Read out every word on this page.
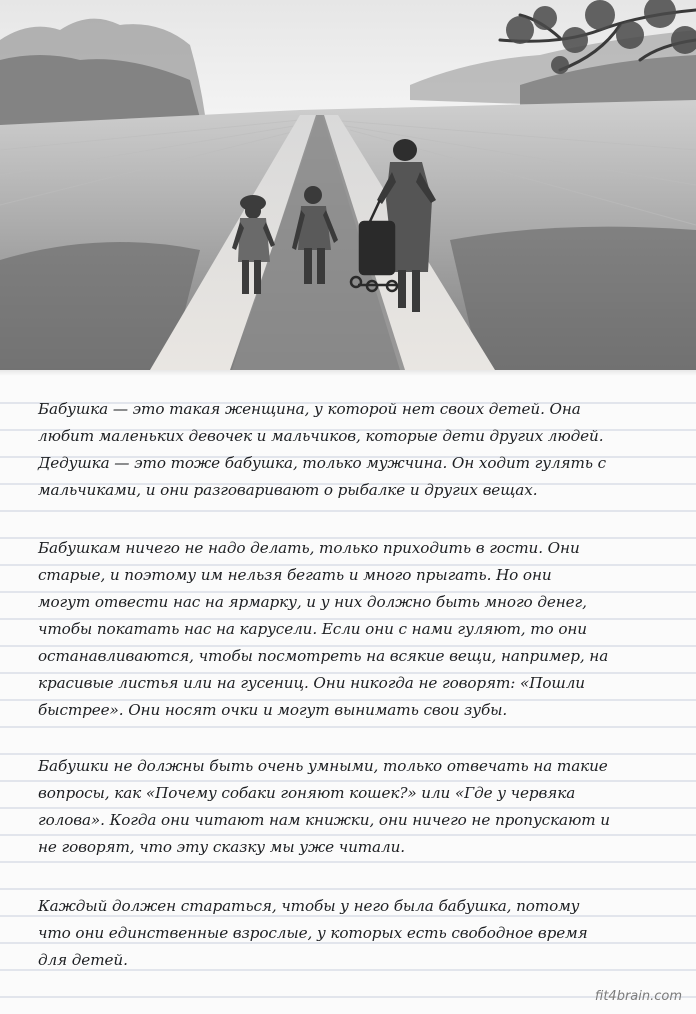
Бабушка — это такая женщина, у которой нет своих детей. Она
любит маленьких девочек и мальчиков, которые дети других людей.
Дедушка — это тоже бабушка, только мужчина. Он ходит гулять с
мальчиками, и они разговаривают о рыбалке и других вещах.

Бабушкам ничего не надо делать, только приходить в гости. Они
старые, и поэтому им нельзя бегать и много прыгать. Но они
могут отвести нас на ярмарку, и у них должно быть много денег,
чтобы покатать нас на карусели. Если они с нами гуляют, то они
останавливаются, чтобы посмотреть на всякие вещи, например, на
красивые листья или на гусениц. Они никогда не говорят: «Пошли
быстрее». Они носят очки и могут вынимать свои зубы.

Бабушки не должны быть очень умными, только отвечать на такие
вопросы, как «Почему собаки гоняют кошек?» или «Где у червяка
голова». Когда они читают нам книжки, они ничего не пропускают и
не говорят, что эту сказку мы уже читали.

Каждый должен стараться, чтобы у него была бабушка, потому
что они единственные взрослые, у которых есть свободное время
для детей.

fit4brain.com
